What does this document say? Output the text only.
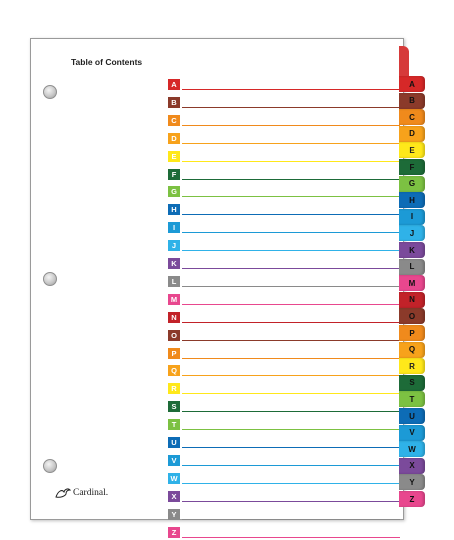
Table of Contents
A
B
C
D
E
F
G
H
I
J
K
L
M
N
O
P
Q
R
S
T
U
V
W
X
Y
Z
Cardinal.
A
B
C
D
E
F
G
H
I
J
K
L
M
N
O
P
Q
R
S
T
U
V
W
X
Y
Z
